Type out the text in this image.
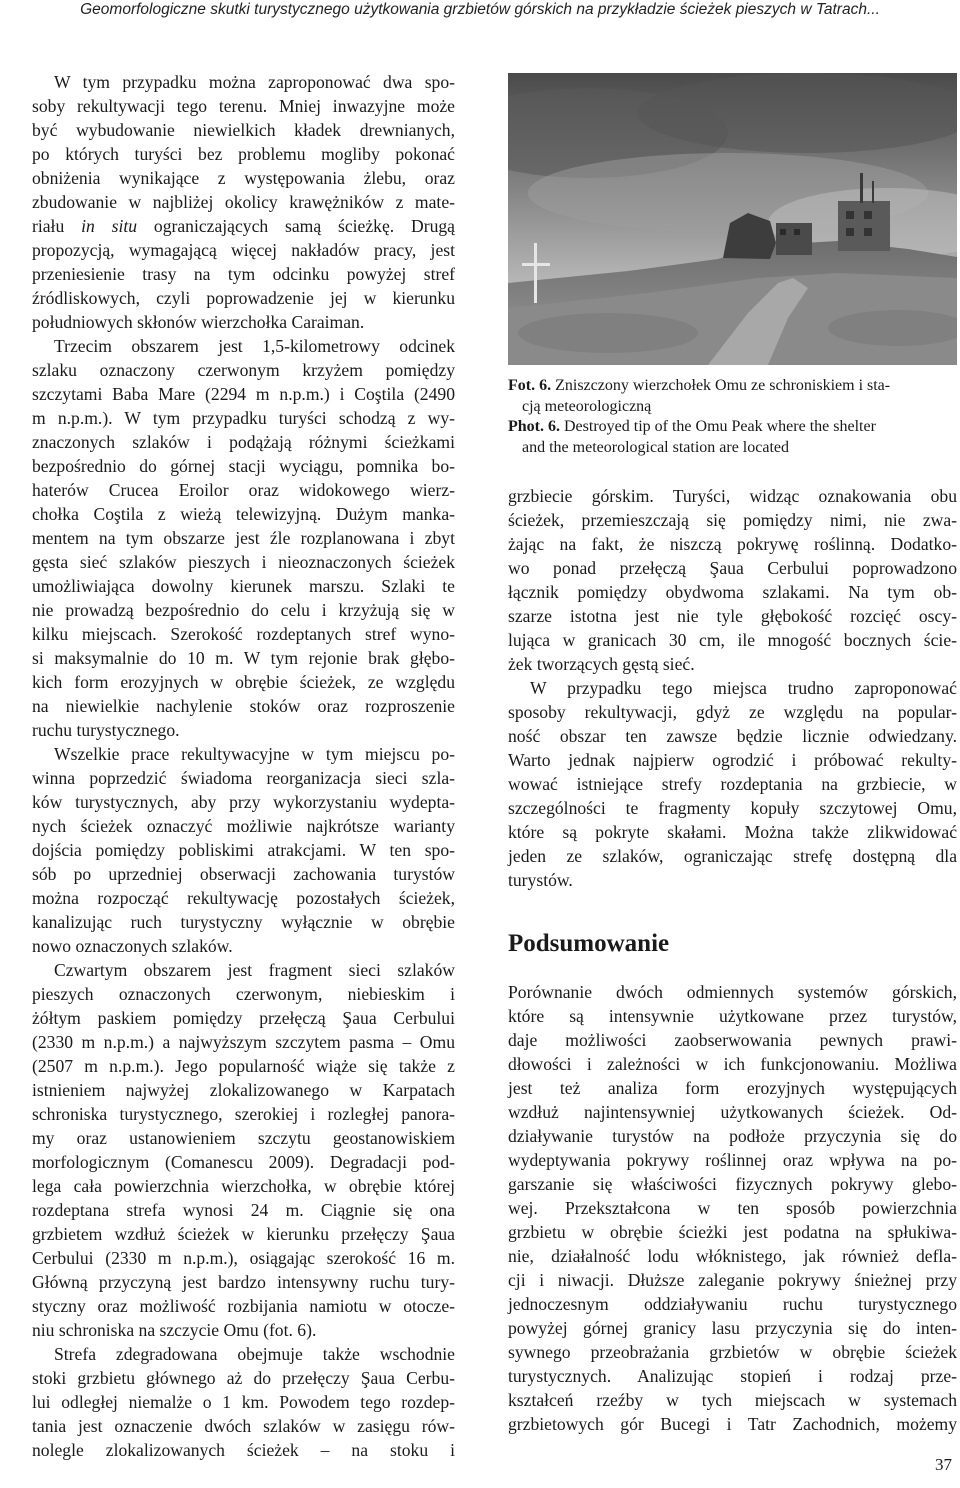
Geomorfologiczne skutki turystycznego użytkowania grzbietów górskich na przykładzie ścieżek pieszych w Tatrach...
W tym przypadku można zaproponować dwa spo-
soby rekultywacji tego terenu. Mniej inwazyjne może
być wybudowanie niewielkich kładek drewnianych,
po których turyści bez problemu mogliby pokonać
obniżenia wynikające z występowania żlebu, oraz
zbudowanie w najbliżej okolicy krawężników z mate-
riału in situ ograniczających samą ścieżkę. Drugą
propozycją, wymagającą więcej nakładów pracy, jest
przeniesienie trasy na tym odcinku powyżej stref
źródliskowych, czyli poprowadzenie jej w kierunku
południowych skłonów wierzchołka Caraiman.
Trzecim obszarem jest 1,5-kilometrowy odcinek
szlaku oznaczony czerwonym krzyżem pomiędzy
szczytami Baba Mare (2294 m n.p.m.) i Coştila (2490
m n.p.m.). W tym przypadku turyści schodzą z wy-
znaczonych szlaków i podążają różnymi ścieżkami
bezpośrednio do górnej stacji wyciągu, pomnika bo-
haterów Crucea Eroilor oraz widokowego wierz-
chołka Coştila z wieżą telewizyjną. Dużym manka-
mentem na tym obszarze jest źle rozplanowana i zbyt
gęsta sieć szlaków pieszych i nieoznaczonych ścieżek
umożliwiająca dowolny kierunek marszu. Szlaki te
nie prowadzą bezpośrednio do celu i krzyżują się w
kilku miejscach. Szerokość rozdeptanych stref wyno-
si maksymalnie do 10 m. W tym rejonie brak głębo-
kich form erozyjnych w obrębie ścieżek, ze względu
na niewielkie nachylenie stoków oraz rozproszenie
ruchu turystycznego.
Wszelkie prace rekultywacyjne w tym miejscu po-
winna poprzedzić świadoma reorganizacja sieci szla-
ków turystycznych, aby przy wykorzystaniu wydepta-
nych ścieżek oznaczyć możliwie najkrótsze warianty
dojścia pomiędzy pobliskimi atrakcjami. W ten spo-
sób po uprzedniej obserwacji zachowania turystów
można rozpocząć rekultywację pozostałych ścieżek,
kanalizując ruch turystyczny wyłącznie w obrębie
nowo oznaczonych szlaków.
Czwartym obszarem jest fragment sieci szlaków
pieszych oznaczonych czerwonym, niebieskim i
żółtym paskiem pomiędzy przełęczą Şaua Cerbului
(2330 m n.p.m.) a najwyższym szczytem pasma – Omu
(2507 m n.p.m.). Jego popularność wiąże się także z
istnieniem najwyżej zlokalizowanego w Karpatach
schroniska turystycznego, szerokiej i rozległej panora-
my oraz ustanowieniem szczytu geostanowiskiem
morfologicznym (Comanescu 2009). Degradacji pod-
lega cała powierzchnia wierzchołka, w obrębie której
rozdeptana strefa wynosi 24 m. Ciągnie się ona
grzbietem wzdłuż ścieżek w kierunku przełęczy Şaua
Cerbului (2330 m n.p.m.), osiągając szerokość 16 m.
Główną przyczyną jest bardzo intensywny ruchu tury-
styczny oraz możliwość rozbijania namiotu w otocze-
niu schroniska na szczycie Omu (fot. 6).
Strefa zdegradowana obejmuje także wschodnie
stoki grzbietu głównego aż do przełęczy Şaua Cerbu-
lui odległej niemalże o 1 km. Powodem tego rozdep-
tania jest oznaczenie dwóch szlaków w zasięgu rów-
nolegle zlokalizowanych ścieżek – na stoku i
Fot. 6. Zniszczony wierzchołek Omu ze schroniskiem i sta-
cją meteorologiczną
Phot. 6. Destroyed tip of the Omu Peak where the shelter
and the meteorological station are located
grzbiecie górskim. Turyści, widząc oznakowania obu
ścieżek, przemieszczają się pomiędzy nimi, nie zwa-
żając na fakt, że niszczą pokrywę roślinną. Dodatko-
wo ponad przełęczą Şaua Cerbului poprowadzono
łącznik pomiędzy obydwoma szlakami. Na tym ob-
szarze istotna jest nie tyle głębokość rozcięć oscy-
lująca w granicach 30 cm, ile mnogość bocznych ście-
żek tworzących gęstą sieć.
W przypadku tego miejsca trudno zaproponować
sposoby rekultywacji, gdyż ze względu na popular-
ność obszar ten zawsze będzie licznie odwiedzany.
Warto jednak najpierw ogrodzić i próbować rekulty-
wować istniejące strefy rozdeptania na grzbiecie, w
szczególności te fragmenty kopuły szczytowej Omu,
które są pokryte skałami. Można także zlikwidować
jeden ze szlaków, ograniczając strefę dostępną dla
turystów.
Podsumowanie
Porównanie dwóch odmiennych systemów górskich,
które są intensywnie użytkowane przez turystów,
daje możliwości zaobserwowania pewnych prawi-
dłowości i zależności w ich funkcjonowaniu. Możliwa
jest też analiza form erozyjnych występujących
wzdłuż najintensywniej użytkowanych ścieżek. Od-
działywanie turystów na podłoże przyczynia się do
wydeptywania pokrywy roślinnej oraz wpływa na po-
garszanie się właściwości fizycznych pokrywy glebo-
wej. Przekształcona w ten sposób powierzchnia
grzbietu w obrębie ścieżki jest podatna na spłukiwa-
nie, działalność lodu włóknistego, jak również defla-
cji i niwacji. Dłuższe zaleganie pokrywy śnieżnej przy
jednoczesnym oddziaływaniu ruchu turystycznego
powyżej górnej granicy lasu przyczynia się do inten-
sywnego przeobrażania grzbietów w obrębie ścieżek
turystycznych. Analizując stopień i rodzaj prze-
kształceń rzeźby w tych miejscach w systemach
grzbietowych gór Bucegi i Tatr Zachodnich, możemy
37
